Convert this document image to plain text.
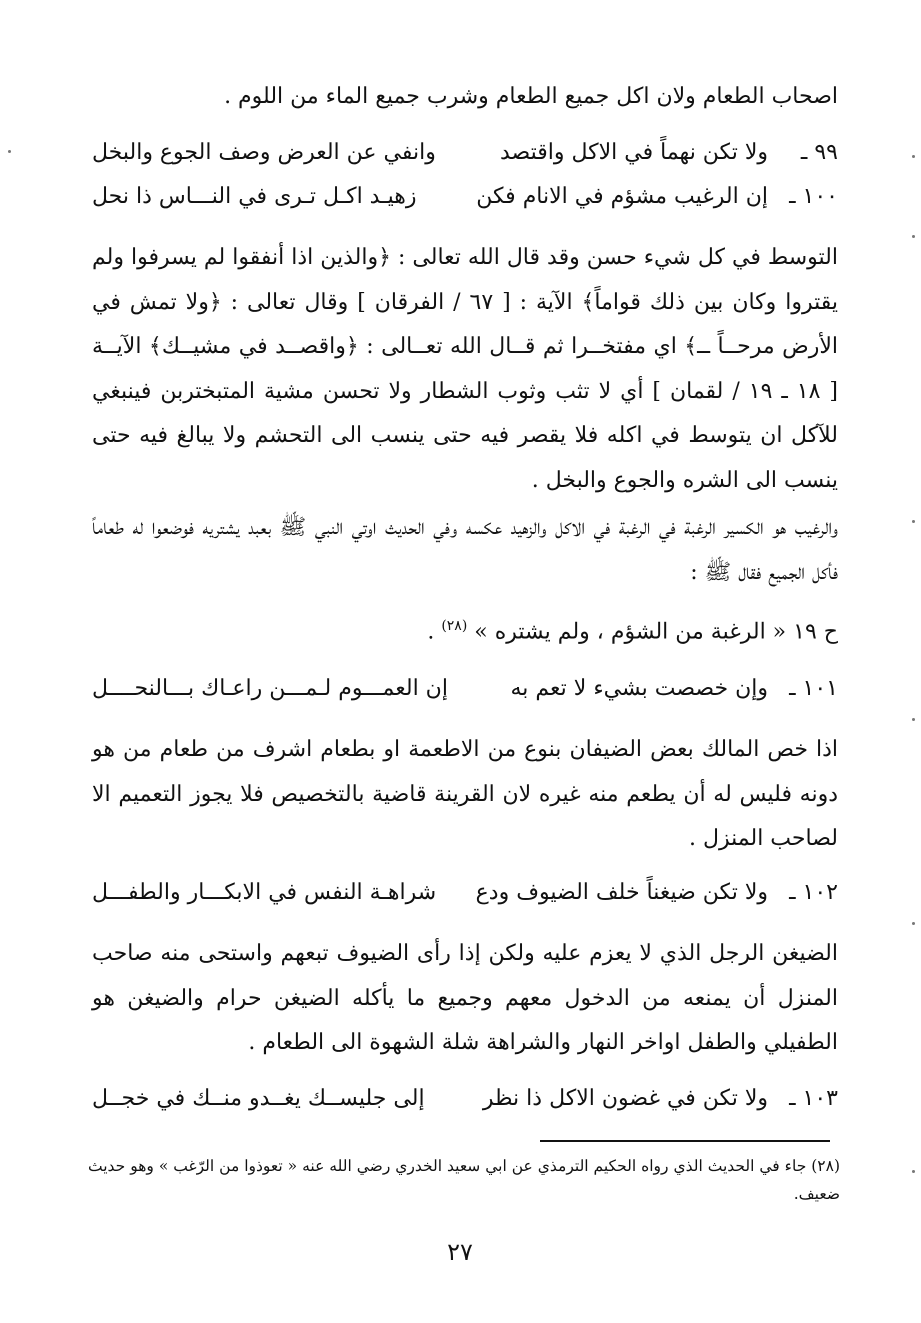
اصحاب الطعام ولان اكل جميع الطعام وشرب جميع الماء من اللوم .

٩٩ ـ
ولا تكن نهماً في الاكل واقتصد
وانفي عن العرض وصف الجوع والبخل
١٠٠ ـ
إن الرغيب مشؤم في الانام فكن
زهيـد اكـل تـرى في النـــاس ذا نحل

التوسط في كل شيء حسن وقد قال الله تعالى : ﴿والذين اذا أنفقوا لم يسرفوا ولم يقتروا وكان بين ذلك قواماً﴾ الآية : [ ٦٧ / الفرقان ] وقال تعالى : ﴿ولا تمش في الأرض مرحــاً ــ﴾ اي مفتخــرا ثم قــال الله تعــالى : ﴿واقصــد في مشيــك﴾ الآيــة [ ١٨ ـ ١٩ / لقمان ] أي لا تثب وثوب الشطار ولا تحسن مشية المتبختربن فينبغي للآكل ان يتوسط في اكله فلا يقصر فيه حتى ينسب الى التحشم ولا يبالغ فيه حتى ينسب الى الشره والجوع والبخل .

والرغيب هو الكسير الرغبة في الرغبة في الاكل والزهيد عكسه وفي الحديث اوتي النبي ﷺ بعبد يشتريه فوضعوا له طعاماً فأكل الجميع فقال ﷺ :

ح ١٩ « الرغبة من الشؤم ، ولم يشتره » $^{(٢٨)}$ .
١٠١ ـ
وإن خصصت بشيء لا تعم به
إن العمـــوم لـمـــن راعـاك بـــالنحــــل

اذا خص المالك بعض الضيفان بنوع من الاطعمة او بطعام اشرف من طعام من هو دونه فليس له أن يطعم منه غيره لان القرينة قاضية بالتخصيص فلا يجوز التعميم الا لصاحب المنزل .

١٠٢ ـ
ولا تكن ضيغناً خلف الضيوف ودع
شراهـة النفس في الابكـــار والطفـــل

الضيغن الرجل الذي لا يعزم عليه ولكن إذا رأى الضيوف تبعهم واستحى منه صاحب المنزل أن يمنعه من الدخول معهم وجميع ما يأكله الضيغن حرام والضيغن هو الطفيلي والطفل اواخر النهار والشراهة شلة الشهوة الى الطعام .

١٠٣ ـ
ولا تكن في غضون الاكل ذا نظر
إلى جليســك يغــدو منــك في خجــل

(٢٨) جاء في الحديث الذي رواه الحكيم الترمذي عن ابي سعيد الخدري رضي الله عنه « تعوذوا من الرّغب » وهو حديث ضعيف.

٢٧
